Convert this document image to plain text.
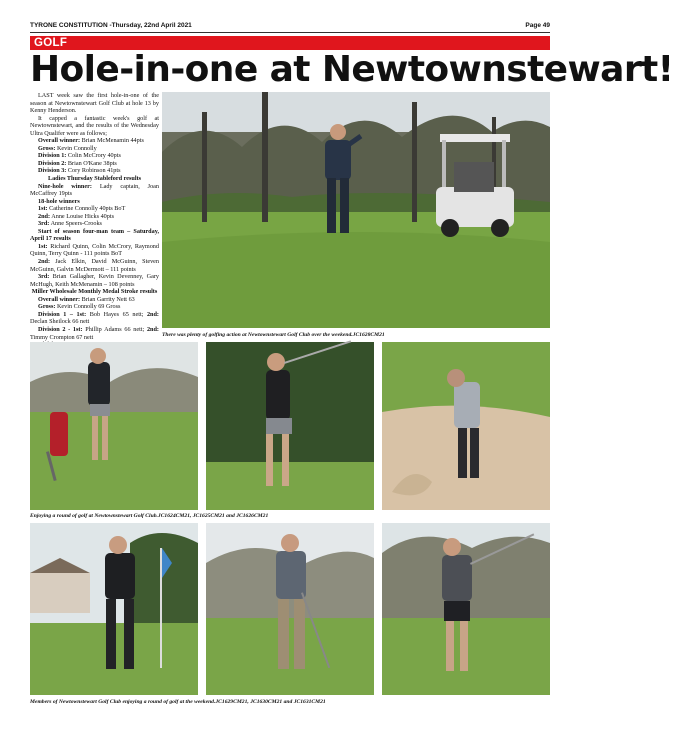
TYRONE CONSTITUTION -Thursday, 22nd April 2021	Page 49
GOLF
Hole-in-one at Newtownstewart!

LAST week saw the first hole-in-one of the season at Newtownstewart Golf Club at hole 13 by Kenny Henderson.

It capped a fantastic week's golf at Newtownstewart, and the results of the Wednesday Ultra Qualifer were as follows;

Overall winner: Brian McMenamin 44pts

Gross: Kevin Connolly

Division 1: Colin McCrory 40pts

Division 2: Brian O'Kane 38pts

Division 3: Cory Robinson 41pts

Ladies Thursday Stableford results

Nine-hole winner: Lady captain, Joan McCaffrey 19pts

18-hole winners

1st: Catherine Connolly 40pts BoT

2nd: Anne Louise Hicks 40pts

3rd: Anne Speers-Crooks

Start of season four-man team – Saturday, April 17 results

1st: Richard Quinn, Colin McCrory, Raymond Quinn, Terry Quinn - 111 points BoT

2nd: Jack Elkin, David McGuinn, Steven McGuinn, Galvin McDermott – 111 points

3rd: Brian Gallagher, Kevin Devenney, Gary McHugh, Keith McMenamin – 108 points

Miller Wholesale Monthly Medal Stroke results

Overall winner: Brian Garrity Nett 63

Gross: Kevin Connolly 69 Gross

Division 1 – 1st: Bob Hayes 65 nett; 2nd: Declan Sheilock 66 nett

Division 2 - 1st: Phillip Adams 66 nett; 2nd: Timmy Crompton 67 nett	There was plenty of golfing action at Newtownstewart Golf Club over the weekend.JC1628CM21
Enjoying a round of golf at Newtownstewart Golf Club.JC1624CM21, JC1625CM21 and JC1626CM21
Members of Newtownstewart Golf Club enjoying a round of golf at the weekend.JC1629CM21, JC1630CM21 and JC1631CM21
